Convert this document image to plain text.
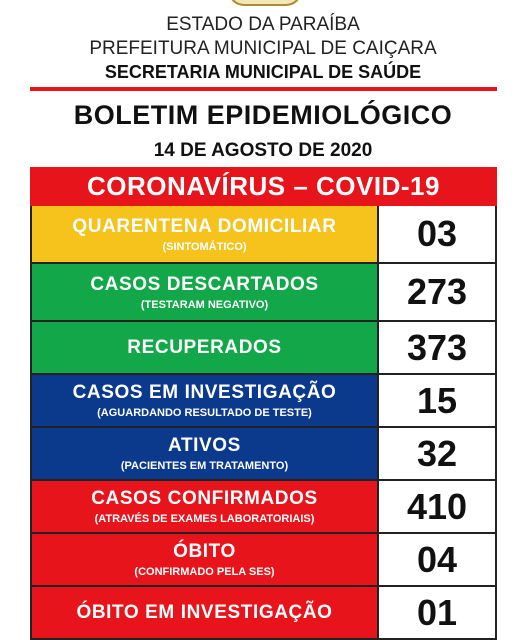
ESTADO DA PARAÍBA
PREFEITURA MUNICIPAL DE CAIÇARA
SECRETARIA MUNICIPAL DE SAÚDE
BOLETIM EPIDEMIOLÓGICO
14 DE AGOSTO DE 2020
CORONAVÍRUS – COVID-19
QUARENTENA DOMICILIAR
(SINTOMÁTICO)	03
CASOS DESCARTADOS
(TESTARAM NEGATIVO)	273
RECUPERADOS	373
CASOS EM INVESTIGAÇÃO
(AGUARDANDO RESULTADO DE TESTE)	15
ATIVOS
(PACIENTES EM TRATAMENTO)	32
CASOS CONFIRMADOS
(ATRAVÉS DE EXAMES LABORATORIAIS)	410
ÓBITO
(CONFIRMADO PELA SES)	04
ÓBITO EM INVESTIGAÇÃO	01
